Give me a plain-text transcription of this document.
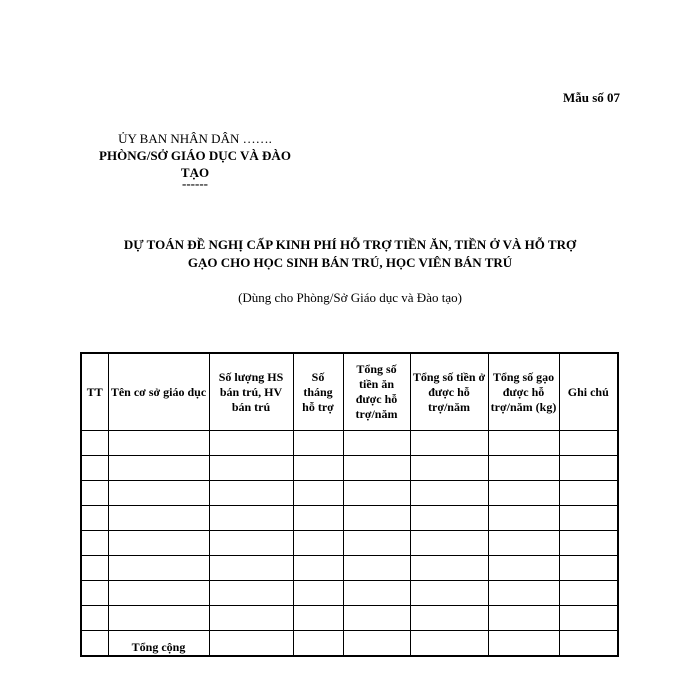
Mẫu số 07
ỦY BAN NHÂN DÂN …….
PHÒNG/SỞ GIÁO DỤC VÀ ĐÀO
TẠO
------
DỰ TOÁN ĐỀ NGHỊ CẤP KINH PHÍ HỖ TRỢ TIỀN ĂN, TIỀN Ở VÀ HỖ TRỢ
GẠO CHO HỌC SINH BÁN TRÚ, HỌC VIÊN BÁN TRÚ
(Dùng cho Phòng/Sở Giáo dục và Đào tạo)
TT	Tên cơ sở giáo dục	Số lượng HS bán trú, HV bán trú	Số tháng hỗ trợ	Tổng số tiền ăn được hỗ trợ/năm	Tổng số tiền ở được hỗ trợ/năm	Tổng số gạo được hỗ trợ/năm (kg)	Ghi chú

	Tổng cộng						
